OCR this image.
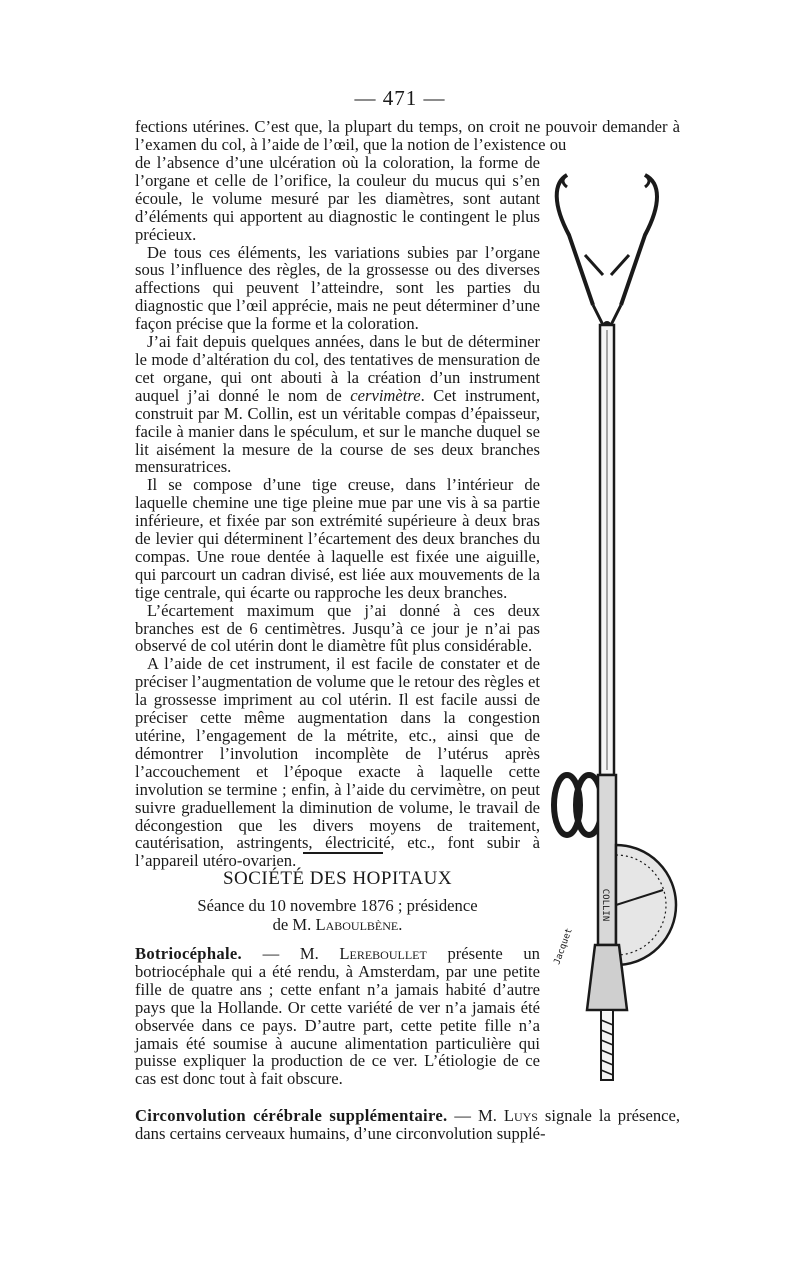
— 471 —

fections utérines. C’est que, la plupart du temps, on croit ne pouvoir demander à l’examen du col, à l’aide de l’œil, que la notion de l’existence ou

de l’absence d’une ulcération où la coloration, la forme de l’organe et celle de l’orifice, la couleur du mucus qui s’en écoule, le volume mesuré par les diamètres, sont autant d’éléments qui apportent au diagnostic le contingent le plus précieux.

De tous ces éléments, les variations subies par l’organe sous l’influence des règles, de la grossesse ou des diverses affections qui peuvent l’atteindre, sont les parties du diagnostic que l’œil apprécie, mais ne peut déterminer d’une façon précise que la forme et la coloration.

J’ai fait depuis quelques années, dans le but de déterminer le mode d’altération du col, des tentatives de mensuration de cet organe, qui ont abouti à la création d’un instrument auquel j’ai donné le nom de cervimètre. Cet instrument, construit par M. Collin, est un véritable compas d’épaisseur, facile à manier dans le spéculum, et sur le manche duquel se lit aisément la mesure de la course de ses deux branches mensuratrices.

Il se compose d’une tige creuse, dans l’intérieur de laquelle chemine une tige pleine mue par une vis à sa partie inférieure, et fixée par son extrémité supérieure à deux bras de levier qui déterminent l’écartement des deux branches du compas. Une roue dentée à laquelle est fixée une aiguille, qui parcourt un cadran divisé, est liée aux mouvements de la tige centrale, qui écarte ou rapproche les deux branches.

L’écartement maximum que j’ai donné à ces deux branches est de 6 centimètres. Jusqu’à ce jour je n’ai pas observé de col utérin dont le diamètre fût plus considérable.

A l’aide de cet instrument, il est facile de constater et de préciser l’augmentation de volume que le retour des règles et la grossesse impriment au col utérin. Il est facile aussi de préciser cette même augmentation dans la congestion utérine, l’engagement de la métrite, etc., ainsi que de démontrer l’involution incomplète de l’utérus après l’accouchement et l’époque exacte à laquelle cette involution se termine ; enfin, à l’aide du cervimètre, on peut suivre graduellement la diminution de volume, le travail de décongestion que les divers moyens de traitement, cautérisation, astringents, électricité, etc., font subir à l’appareil utéro-ovarien.

SOCIÉTÉ DES HOPITAUX
Séance du 10 novembre 1876 ; présidence
de M. Laboulbène.
Botriocéphale. — M. Lereboullet présente un botriocéphale qui a été rendu, à Amsterdam, par une petite fille de quatre ans ; cette enfant n’a jamais habité d’autre pays que la Hollande. Or cette variété de ver n’a jamais été observée dans ce pays. D’autre part, cette petite fille n’a jamais été soumise à aucune alimentation particulière qui puisse expliquer la production de ce ver. L’étiologie de ce cas est donc tout à fait obscure.
Circonvolution cérébrale supplémentaire. — M. Luys signale la présence, dans certains cerveaux humains, d’une circonvolution supplé-
COLLIN
Jacquet
